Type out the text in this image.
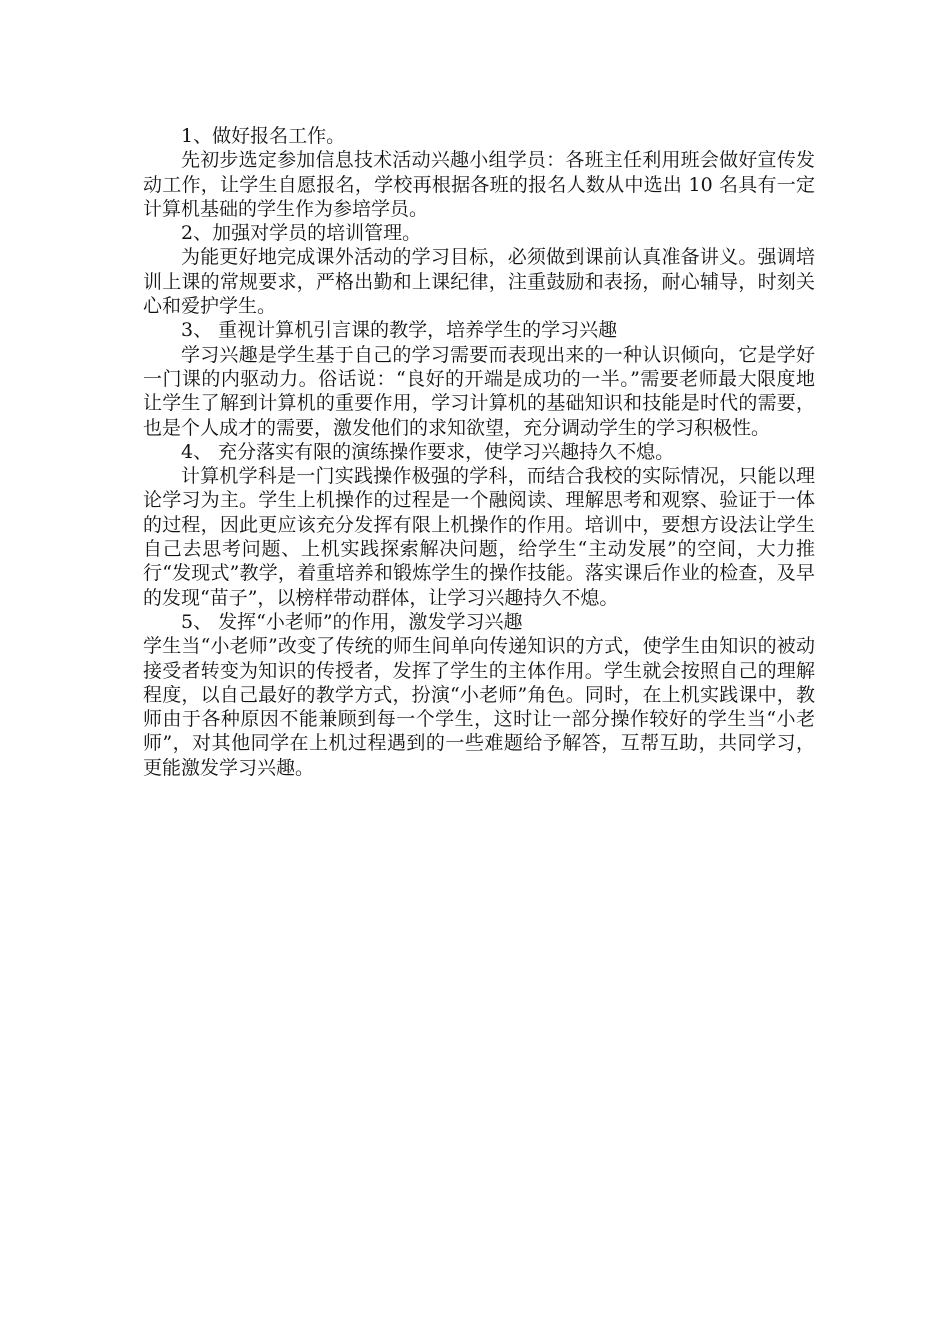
1、做好报名工作。

先初步选定参加信息技术活动兴趣小组学员：各班主任利用班会做好宣传发动工作，让学生自愿报名，学校再根据各班的报名人数从中选出 10 名具有一定计算机基础的学生作为参培学员。

2、加强对学员的培训管理。

为能更好地完成课外活动的学习目标，必须做到课前认真准备讲义。强调培训上课的常规要求，严格出勤和上课纪律，注重鼓励和表扬，耐心辅导，时刻关心和爱护学生。

3、 重视计算机引言课的教学，培养学生的学习兴趣

学习兴趣是学生基于自己的学习需要而表现出来的一种认识倾向，它是学好一门课的内驱动力。俗话说：“良好的开端是成功的一半。”需要老师最大限度地让学生了解到计算机的重要作用，学习计算机的基础知识和技能是时代的需要，也是个人成才的需要，激发他们的求知欲望，充分调动学生的学习积极性。

4、 充分落实有限的演练操作要求，使学习兴趣持久不熄。

计算机学科是一门实践操作极强的学科，而结合我校的实际情况，只能以理论学习为主。学生上机操作的过程是一个融阅读、理解思考和观察、验证于一体的过程，因此更应该充分发挥有限上机操作的作用。培训中，要想方设法让学生自己去思考问题、上机实践探索解决问题，给学生“主动发展”的空间，大力推行“发现式”教学，着重培养和锻炼学生的操作技能。落实课后作业的检查，及早的发现“苗子”，以榜样带动群体，让学习兴趣持久不熄。

5、 发挥“小老师”的作用，激发学习兴趣

学生当“小老师”改变了传统的师生间单向传递知识的方式，使学生由知识的被动接受者转变为知识的传授者，发挥了学生的主体作用。学生就会按照自己的理解程度，以自己最好的教学方式，扮演“小老师”角色。同时，在上机实践课中，教师由于各种原因不能兼顾到每一个学生，这时让一部分操作较好的学生当“小老师”，对其他同学在上机过程遇到的一些难题给予解答，互帮互助，共同学习，更能激发学习兴趣。
